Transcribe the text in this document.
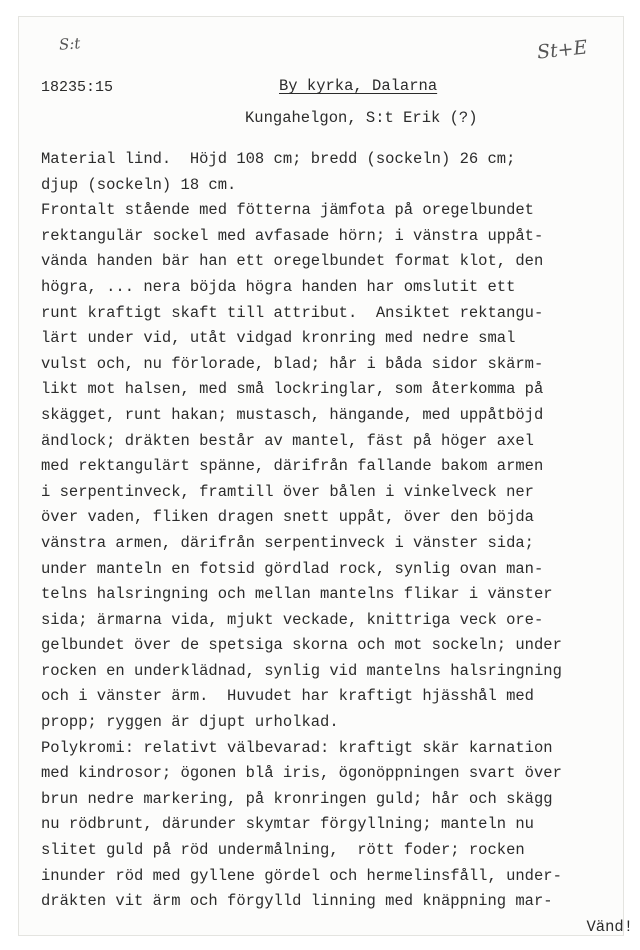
S:t	St+E
18235:15	By kyrka, Dalarna
Kungahelgon, S:t Erik (?)
Material lind.  Höjd 108 cm; bredd (sockeln) 26 cm;
djup (sockeln) 18 cm.
Frontalt stående med fötterna jämfota på oregelbundet
rektangulär sockel med avfasade hörn; i vänstra uppåt-
vända handen bär han ett oregelbundet format klot, den
högra, ... nera böjda högra handen har omslutit ett
runt kraftigt skaft till attribut.  Ansiktet rektangu-
lärt under vid, utåt vidgad kronring med nedre smal
vulst och, nu förlorade, blad; hår i båda sidor skärm-
likt mot halsen, med små lockringlar, som återkomma på
skägget, runt hakan; mustasch, hängande, med uppåtböjd
ändlock; dräkten består av mantel, fäst på höger axel
med rektangulärt spänne, därifrån fallande bakom armen
i serpentinveck, framtill över bålen i vinkelveck ner
över vaden, fliken dragen snett uppåt, över den böjda
vänstra armen, därifrån serpentinveck i vänster sida;
under manteln en fotsid gördlad rock, synlig ovan man-
telns halsringning och mellan mantelns flikar i vänster
sida; ärmarna vida, mjukt veckade, knittriga veck ore-
gelbundet över de spetsiga skorna och mot sockeln; under
rocken en underklädnad, synlig vid mantelns halsringning
och i vänster ärm.  Huvudet har kraftigt hjässhål med
propp; ryggen är djupt urholkad.
Polykromi: relativt välbevarad: kraftigt skär karnation
med kindrosor; ögonen blå iris, ögonöppningen svart över
brun nedre markering, på kronringen guld; hår och skägg
nu rödbrunt, därunder skymtar förgyllning; manteln nu
slitet guld på röd undermålning,  rött foder; rocken
inunder röd med gyllene gördel och hermelinsfåll, under-
dräkten vit ärm och förgylld linning med knäppning mar-
Vänd!
